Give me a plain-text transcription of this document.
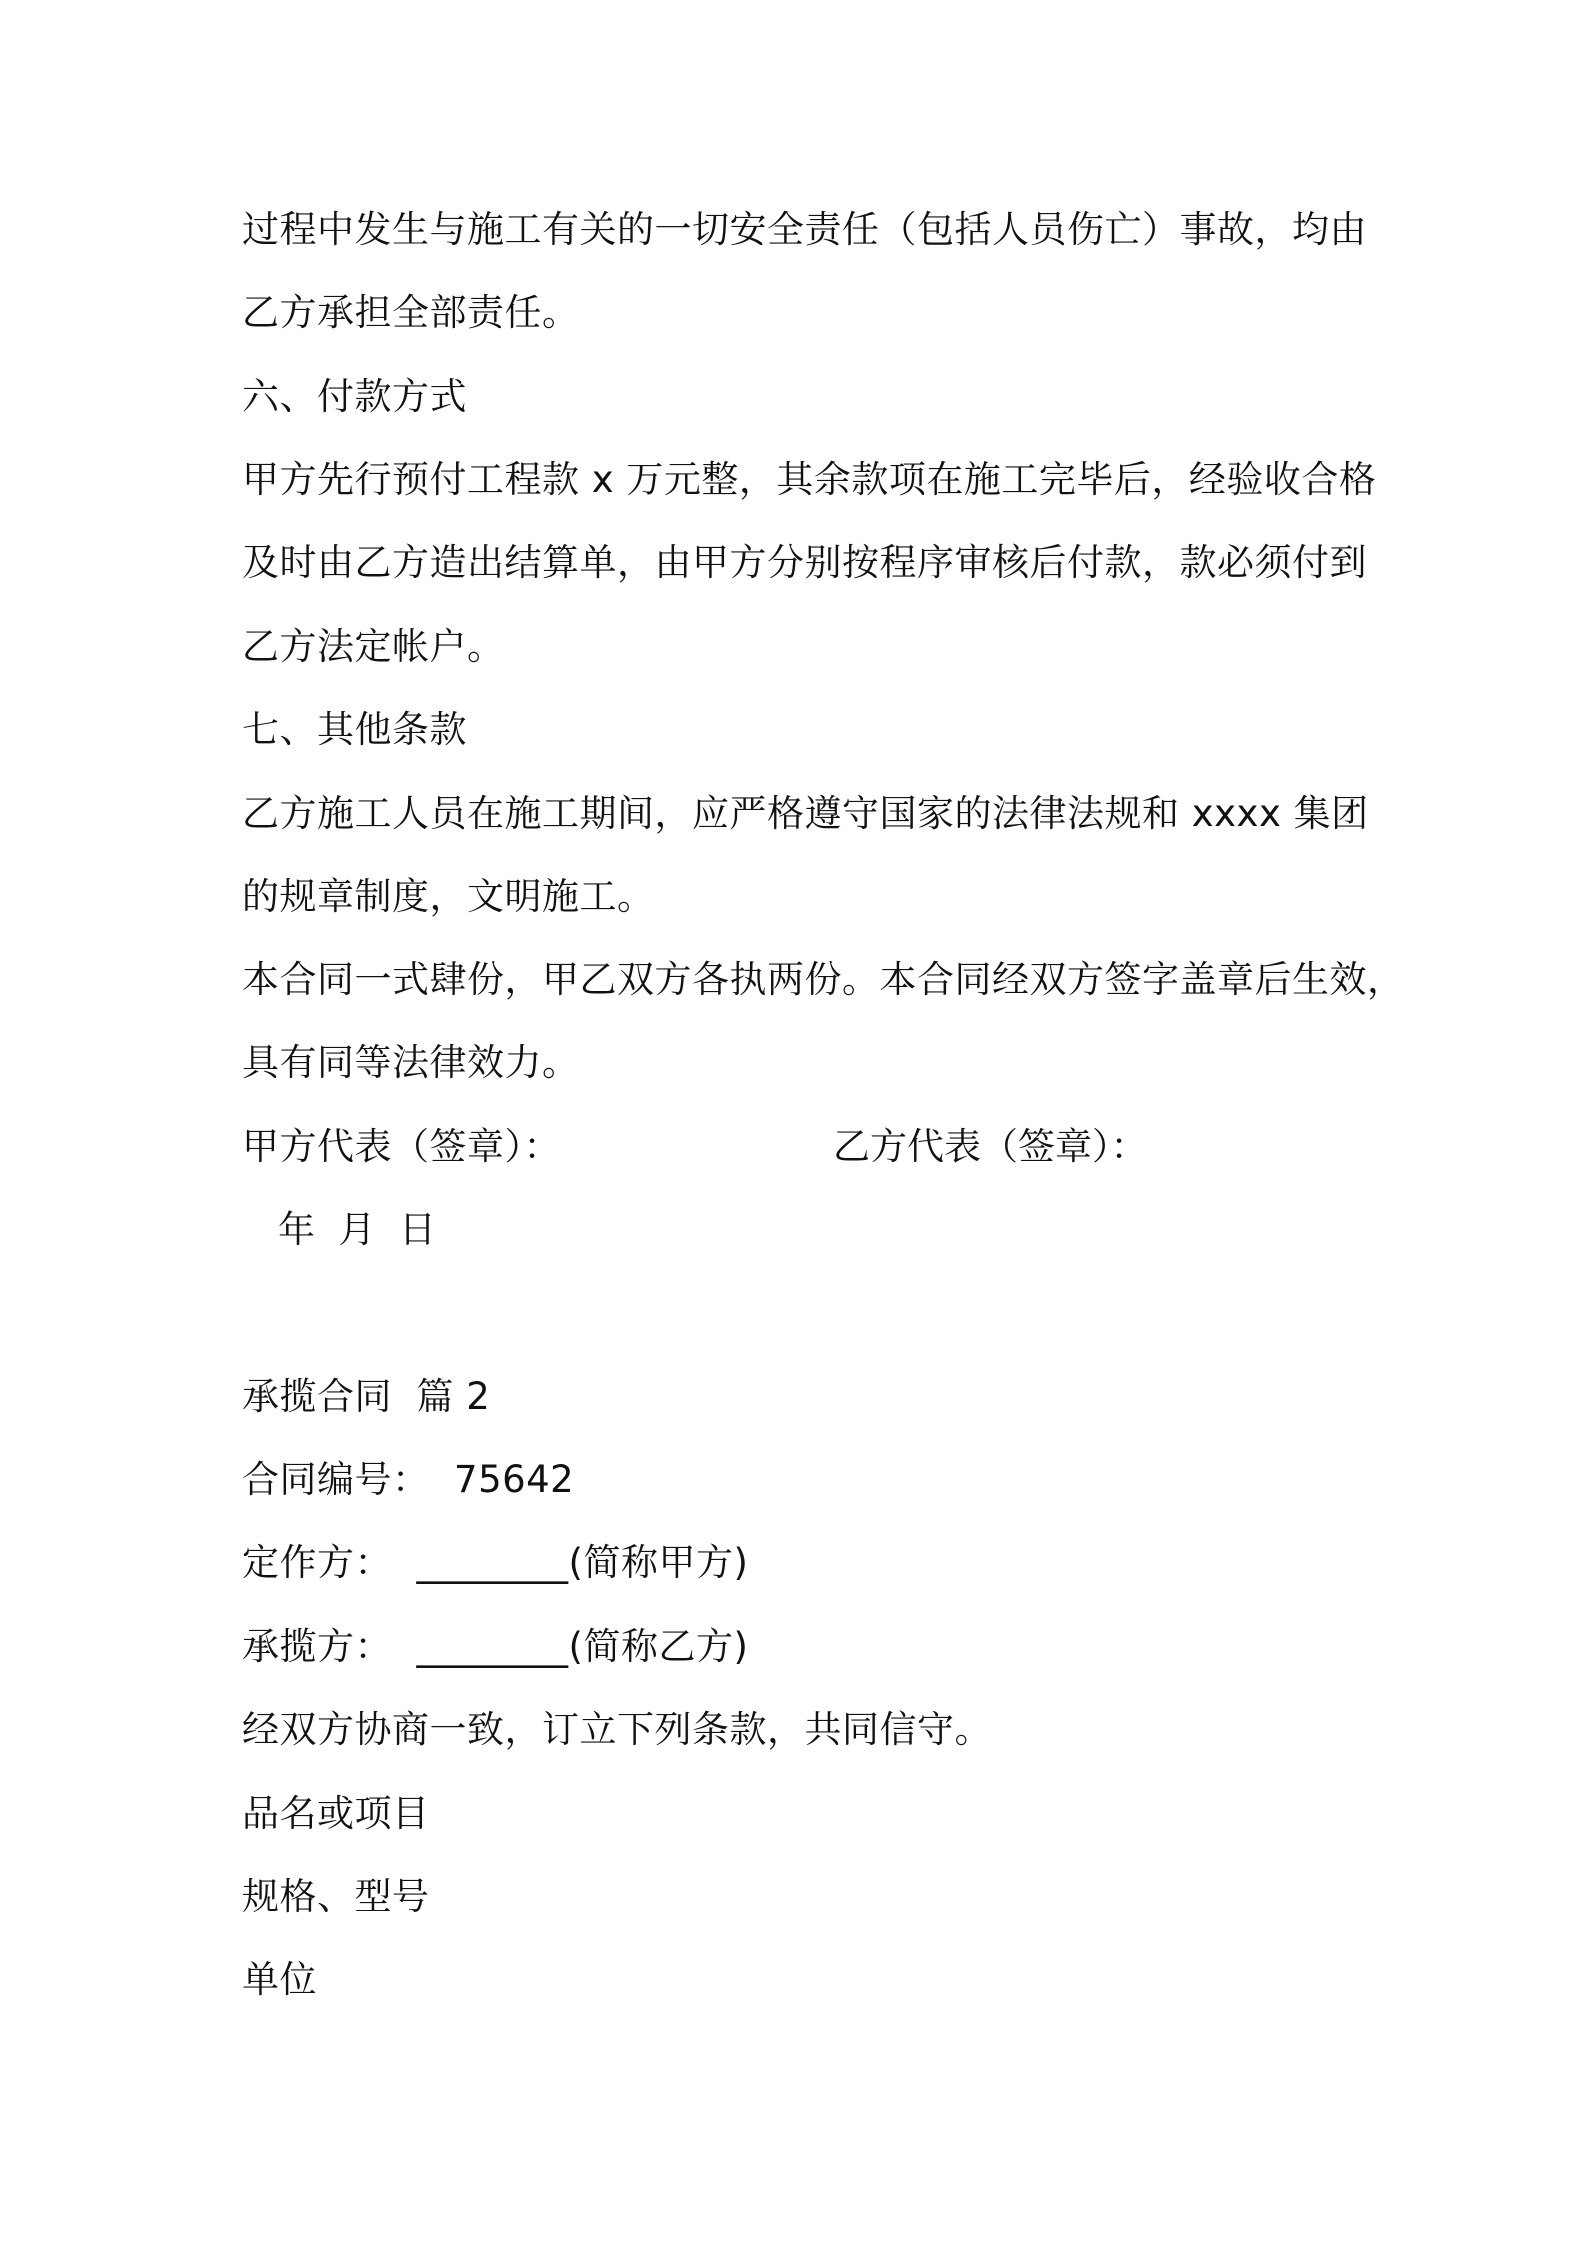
过程中发生与施工有关的一切安全责任（包括人员伤亡）事故，均由
乙方承担全部责任。
六、付款方式
甲方先行预付工程款 x 万元整，其余款项在施工完毕后，经验收合格
及时由乙方造出结算单，由甲方分别按程序审核后付款，款必须付到
乙方法定帐户。
七、其他条款
乙方施工人员在施工期间，应严格遵守国家的法律法规和 xxxx 集团
的规章制度，文明施工。
本合同一式肆份，甲乙双方各执两份。本合同经双方签字盖章后生效，
具有同等法律效力。
甲方代表（签章）：	乙方代表（签章）：
年  月  日
承揽合同  篇 2
合同编号：  75642
定作方：  ________(简称甲方)
承揽方：  ________(简称乙方)
经双方协商一致，订立下列条款，共同信守。
品名或项目
规格、型号
单位
